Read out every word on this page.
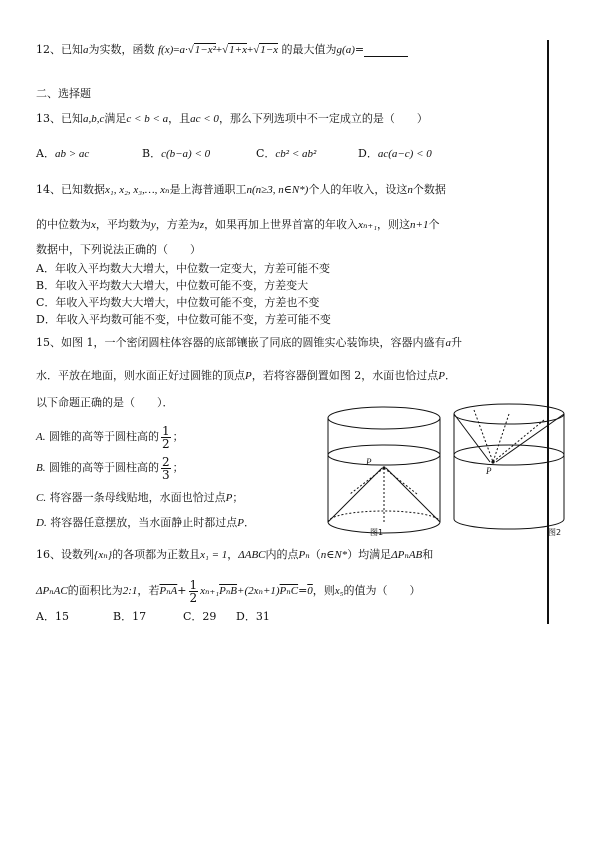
12、已知a为实数，函数 f(x)=a·√1−x²+√1+x+√1−x 的最大值为g(a)=
二、选择题
13、已知a,b,c满足c < b < a，且ac < 0，那么下列选项中不一定成立的是（　　）
A．ab > ac	B．c(b−a) < 0	C．cb² < ab²	D．ac(a−c) < 0
14、已知数据x₁, x₂, x₃,…, xₙ是上海普通职工n(n≥3, n∈N*)个人的年收入，设这n个数据
的中位数为x，平均数为y，方差为z，如果再加上世界首富的年收入xₙ₊₁，则这n+1个
数据中，下列说法正确的（　　）
A．年收入平均数大大增大，中位数一定变大，方差可能不变
B．年收入平均数大大增大，中位数可能不变，方差变大
C．年收入平均数大大增大，中位数可能不变，方差也不变
D．年收入平均数可能不变，中位数可能不变，方差可能不变
15、如图 1，一个密闭圆柱体容器的底部镶嵌了同底的圆锥实心装饰块，容器内盛有a升
水．平放在地面，则水面正好过圆锥的顶点P，若将容器倒置如图 2，水面也恰过点P．
以下命题正确的是（　　）．
A. 圆锥的高等于圆柱高的 $\frac{1}{2}$ ；
B. 圆锥的高等于圆柱高的 $\frac{2}{3}$ ；
C. 将容器一条母线贴地，水面也恰过点P；
D. 将容器任意摆放，当水面静止时都过点P．
P
P
图1	图2
16、设数列{xₙ}的各项都为正数且x₁ = 1，ΔABC内的点Pₙ（n∈N*）均满足ΔPₙAB和
ΔPₙAC的面积比为2:1，若$\overline{P_nA}+ \frac{1}{2} x_{n+1}\overline{P_nB}+(2x_n+1)\overline{P_nC}=0$，则x₅的值为（　　）
A．15	B．17	C．29 D．31
